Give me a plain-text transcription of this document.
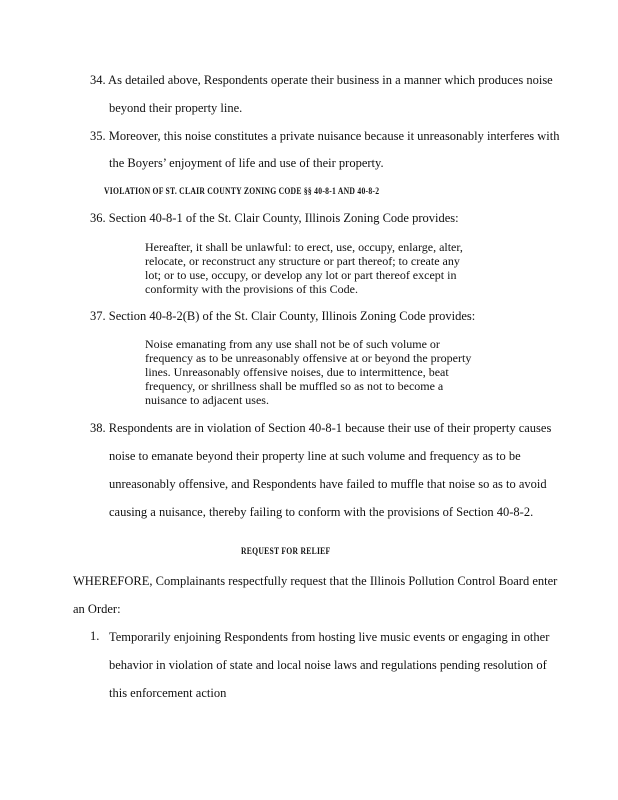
34. As detailed above, Respondents operate their business in a manner which produces noise
beyond their property line.
35. Moreover, this noise constitutes a private nuisance because it unreasonably interferes with
the Boyers’ enjoyment of life and use of their property.
VIOLATION OF ST. CLAIR COUNTY ZONING CODE §§ 40-8-1 AND 40-8-2
36. Section 40-8-1 of the St. Clair County, Illinois Zoning Code provides:
Hereafter, it shall be unlawful: to erect, use, occupy, enlarge, alter,
relocate, or reconstruct any structure or part thereof; to create any
lot; or to use, occupy, or develop any lot or part thereof except in
conformity with the provisions of this Code.
37. Section 40-8-2(B) of the St. Clair County, Illinois Zoning Code provides:
Noise emanating from any use shall not be of such volume or
frequency as to be unreasonably offensive at or beyond the property
lines. Unreasonably offensive noises, due to intermittence, beat
frequency, or shrillness shall be muffled so as not to become a
nuisance to adjacent uses.
38. Respondents are in violation of Section 40-8-1 because their use of their property causes
noise to emanate beyond their property line at such volume and frequency as to be
unreasonably offensive, and Respondents have failed to muffle that noise so as to avoid
causing a nuisance, thereby failing to conform with the provisions of Section 40-8-2.
REQUEST FOR RELIEF
WHEREFORE, Complainants respectfully request that the Illinois Pollution Control Board enter
an Order:
1. Temporarily enjoining Respondents from hosting live music events or engaging in other
behavior in violation of state and local noise laws and regulations pending resolution of
this enforcement action
